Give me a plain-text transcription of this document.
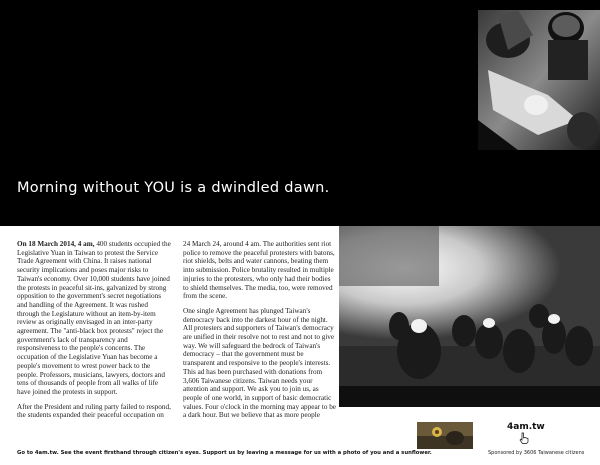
Morning without YOU is a dwindled dawn.

On 18 March 2014, 4 am, 400 students occupied the Legislative Yuan in Taiwan to protest the Service Trade Agreement with China. It raises national security implications and poses major risks to Taiwan's economy. Over 10,000 students have joined the protests in peaceful sit-ins, galvanized by strong opposition to the government's secret negotiations and handling of the Agreement. It was rushed through the Legislature without an item-by-item review as originally envisaged in an inter-party agreement. The "anti-black box protests" reject the government's lack of transparency and responsiveness to the people's concerns. The occupation of the Legislative Yuan has become a people's movement to wrest power back to the people. Professors, musicians, lawyers, doctors and tens of thousands of people from all walks of life have joined the protests in support.

After the President and ruling party failed to respond, the students expanded their peaceful occupation on 24 March 24, around 4 am. The authorities sent riot police to remove the peaceful protesters with batons, riot shields, belts and water cannons, beating them into submission. Police brutality resulted in multiple injuries to the protesters, who only had their bodies to shield themselves. The media, too, were removed from the scene.

One single Agreement has plunged Taiwan's democracy back into the darkest hour of the night. All protesters and supporters of Taiwan's democracy are unified in their resolve not to rest and not to give way. We will safeguard the bedrock of Taiwan's democracy – that the government must be transparent and responsive to the people's interests. This ad has been purchased with donations from 3,606 Taiwanese citizens. Taiwan needs your attention and support. We ask you to join us, as people of one world, in support of basic democratic values. Four o'clock in the morning may appear to be a dark hour. But we believe that as more people

4am.tw
Go to 4am.tw. See the event firsthand through citizen's eyes. Support us by leaving a message for us with a photo of you and a sunflower.	Sponsored by 3606 Taiwanese citizens
